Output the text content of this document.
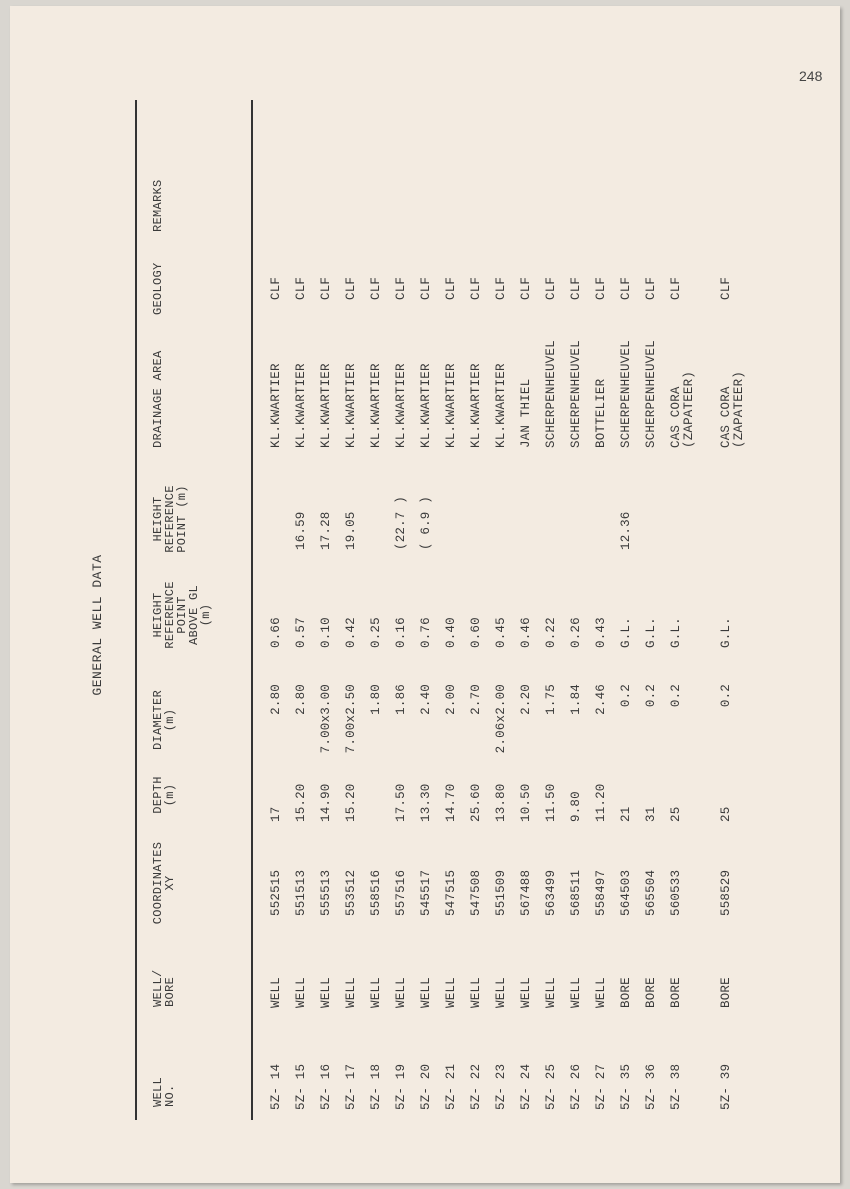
248
GENERAL WELL DATA
WELL
NO.
WELL/
BORE
COORDINATES
XY
DEPTH
(m)
DIAMETER
(m)
HEIGHT
REFERENCE
POINT
ABOVE GL
(m)
HEIGHT
REFERENCE
POINT (m)
DRAINAGE AREA
GEOLOGY
REMARKS
5Z- 14
WELL
552515
17
2.80
0.66
KL.KWARTIER
CLF
5Z- 15
WELL
551513
15.20
2.80
0.57
16.59
KL.KWARTIER
CLF
5Z- 16
WELL
555513
14.90
7.00x3.00
0.10
17.28
KL.KWARTIER
CLF
5Z- 17
WELL
553512
15.20
7.00x2.50
0.42
19.05
KL.KWARTIER
CLF
5Z- 18
WELL
558516
1.80
0.25
KL.KWARTIER
CLF
5Z- 19
WELL
557516
17.50
1.86
0.16
(22.7 )
KL.KWARTIER
CLF
5Z- 20
WELL
545517
13.30
2.40
0.76
( 6.9 )
KL.KWARTIER
CLF
5Z- 21
WELL
547515
14.70
2.00
0.40
KL.KWARTIER
CLF
5Z- 22
WELL
547508
25.60
2.70
0.60
KL.KWARTIER
CLF
5Z- 23
WELL
551509
13.80
2.06x2.00
0.45
KL.KWARTIER
CLF
5Z- 24
WELL
567488
10.50
2.20
0.46
JAN THIEL
CLF
5Z- 25
WELL
563499
11.50
1.75
0.22
SCHERPENHEUVEL
CLF
5Z- 26
WELL
568511
9.80
1.84
0.26
SCHERPENHEUVEL
CLF
5Z- 27
WELL
558497
11.20
2.46
0.43
BOTTELIER
CLF
5Z- 35
BORE
564503
21
0.2
G.L.
12.36
SCHERPENHEUVEL
CLF
5Z- 36
BORE
565504
31
0.2
G.L.
SCHERPENHEUVEL
CLF
5Z- 38
BORE
560533
25
0.2
G.L.
CAS CORA
(ZAPATEER)
CLF
5Z- 39
BORE
558529
25
0.2
G.L.
CAS CORA
(ZAPATEER)
CLF
